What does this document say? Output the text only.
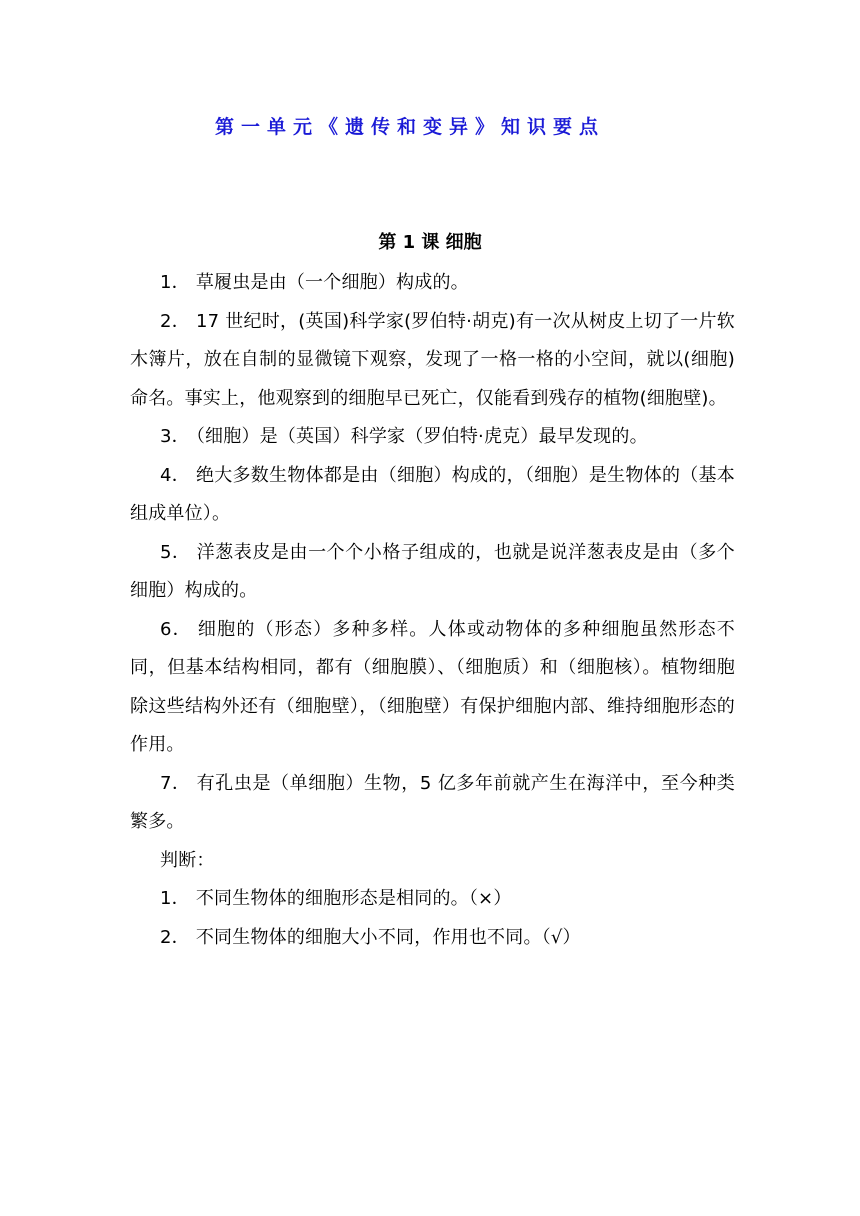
第一单元《遗传和变异》知识要点
第 1 课 细胞

1． 草履虫是由（一个细胞）构成的。

2． 17 世纪时，(英国)科学家(罗伯特·胡克)有一次从树皮上切了一片软木簿片，放在自制的显微镜下观察，发现了一格一格的小空间，就以(细胞)命名。事实上，他观察到的细胞早已死亡，仅能看到残存的植物(细胞壁)。

3． （细胞）是（英国）科学家（罗伯特·虎克）最早发现的。

4． 绝大多数生物体都是由（细胞）构成的，（细胞）是生物体的（基本组成单位）。

5． 洋葱表皮是由一个个小格子组成的，也就是说洋葱表皮是由（多个细胞）构成的。

6． 细胞的（形态）多种多样。人体或动物体的多种细胞虽然形态不同，但基本结构相同，都有（细胞膜）、（细胞质）和（细胞核）。植物细胞除这些结构外还有（细胞壁），（细胞壁）有保护细胞内部、维持细胞形态的作用。

7． 有孔虫是（单细胞）生物，5 亿多年前就产生在海洋中，至今种类繁多。

判断：

1． 不同生物体的细胞形态是相同的。（×）

2． 不同生物体的细胞大小不同，作用也不同。（√）
